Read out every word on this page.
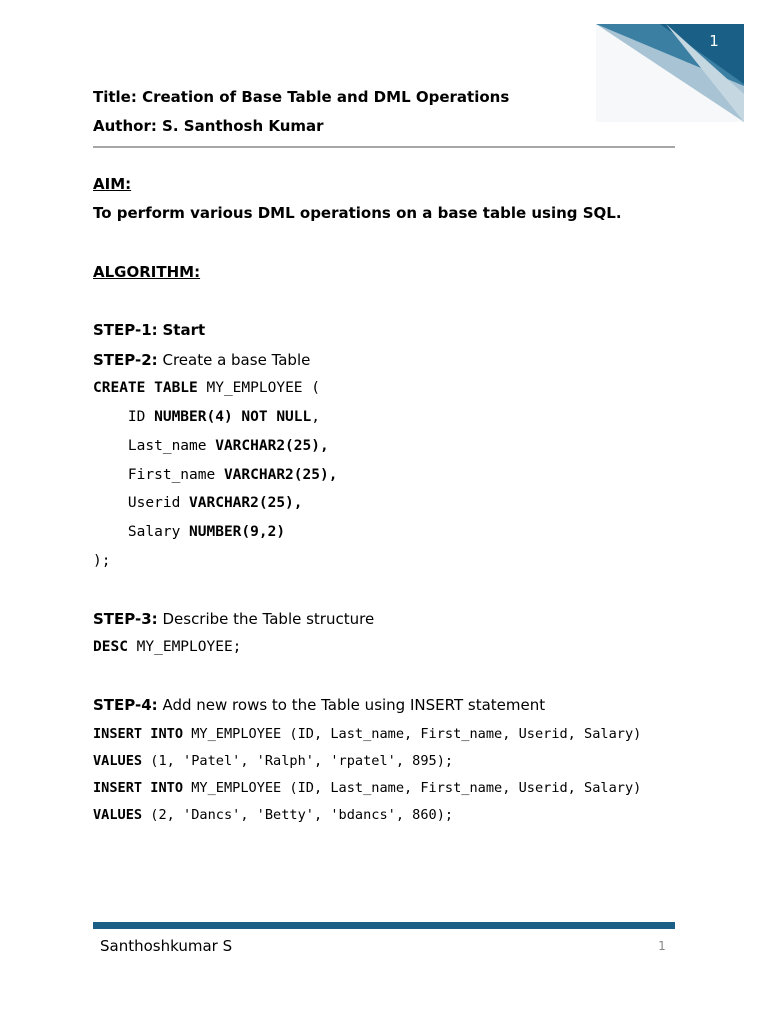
1
Title: Creation of Base Table and DML Operations
Author: S. Santhosh Kumar
AIM:
To perform various DML operations on a base table using SQL.
ALGORITHM:
STEP-1: Start
STEP-2: Create a base Table
CREATE TABLE MY_EMPLOYEE (
ID NUMBER(4) NOT NULL,
Last_name VARCHAR2(25),
First_name VARCHAR2(25),
Userid VARCHAR2(25),
Salary NUMBER(9,2)
);
STEP-3: Describe the Table structure
DESC MY_EMPLOYEE;
STEP-4: Add new rows to the Table using INSERT statement
INSERT INTO MY_EMPLOYEE (ID, Last_name, First_name, Userid, Salary)
VALUES (1, 'Patel', 'Ralph', 'rpatel', 895);
INSERT INTO MY_EMPLOYEE (ID, Last_name, First_name, Userid, Salary)
VALUES (2, 'Dancs', 'Betty', 'bdancs', 860);
Santhoshkumar S	1
